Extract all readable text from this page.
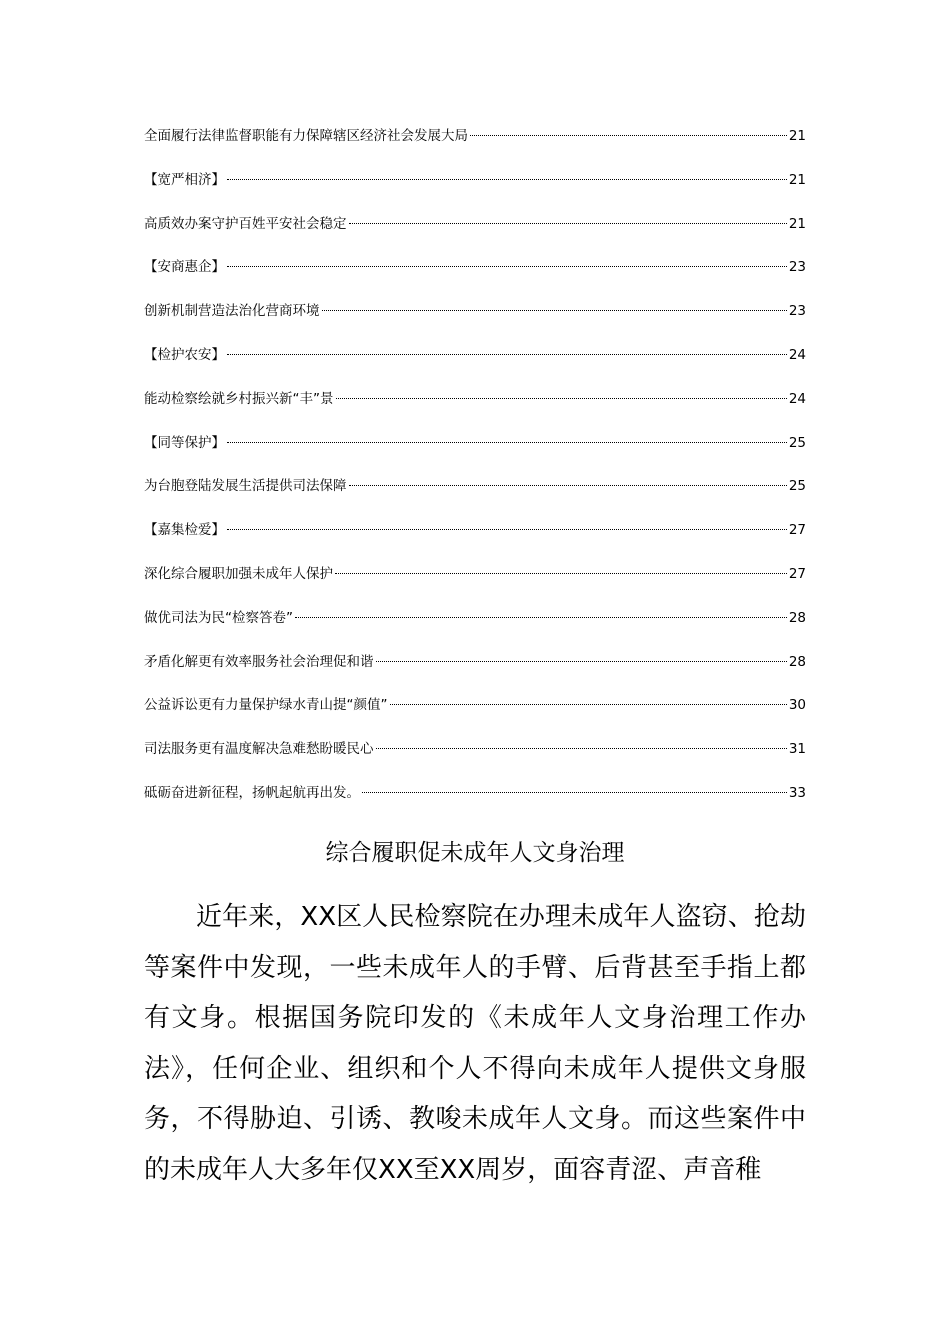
全面履行法律监督职能有力保障辖区经济社会发展大局	21
【宽严相济】	21
高质效办案守护百姓平安社会稳定	21
【安商惠企】	23
创新机制营造法治化营商环境	23
【检护农安】	24
能动检察绘就乡村振兴新“丰”景	24
【同等保护】	25
为台胞登陆发展生活提供司法保障	25
【嘉集检爱】	27
深化综合履职加强未成年人保护	27
做优司法为民“检察答卷”	28
矛盾化解更有效率服务社会治理促和谐	28
公益诉讼更有力量保护绿水青山提“颜值”	30
司法服务更有温度解决急难愁盼暖民心	31
砥砺奋进新征程，扬帆起航再出发。	33
综合履职促未成年人文身治理

近年来，XX区人民检察院在办理未成年人盗窃、抢劫等案件中发现，一些未成年人的手臂、后背甚至手指上都有文身。根据国务院印发的《未成年人文身治理工作办法》，任何企业、组织和个人不得向未成年人提供文身服务，不得胁迫、引诱、教唆未成年人文身。而这些案件中的未成年人大多年仅XX至XX周岁，面容青涩、声音稚
